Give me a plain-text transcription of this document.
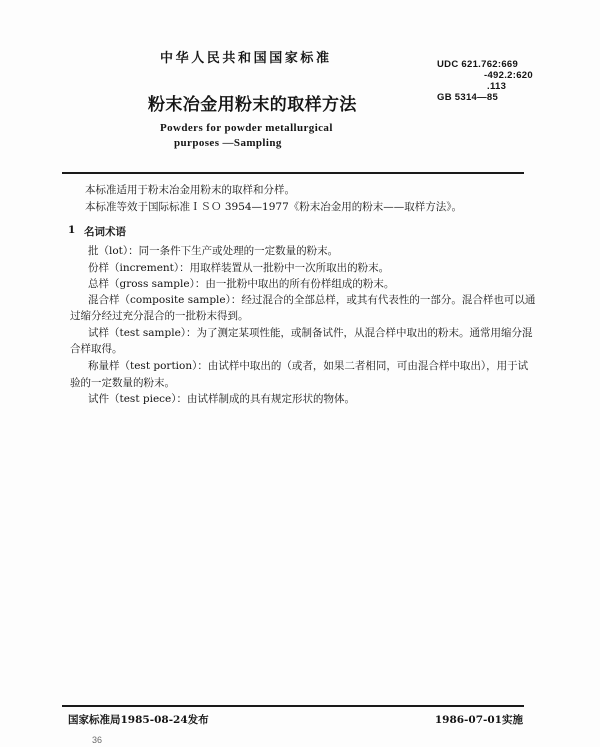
中华人民共和国国家标准	UDC 621.762:669
-492.2:620
.113
GB 5314—85
粉末冶金用粉末的取样方法
Powders for powder metallurgical
purposes —Sampling
本标准适用于粉末冶金用粉末的取样和分样。
本标准等效于国际标准ＩＳＯ 3954—1977《粉末冶金用的粉末——取样方法》。
1 名词术语
批（lot）：同一条件下生产或处理的一定数量的粉末。
份样（increment）：用取样装置从一批粉中一次所取出的粉末。
总样（gross sample）：由一批粉中取出的所有份样组成的粉末。
混合样（composite sample）：经过混合的全部总样，或其有代表性的一部分。混合样也可以通
过缩分经过充分混合的一批粉末得到。
试样（test sample）：为了测定某项性能，或制备试件，从混合样中取出的粉末。通常用缩分混
合样取得。
称量样（test portion）：由试样中取出的（或者，如果二者相同，可由混合样中取出），用于试
验的一定数量的粉末。
试件（test piece）：由试样制成的具有规定形状的物体。
国家标准局1985-08-24发布	1986-07-01实施
36
